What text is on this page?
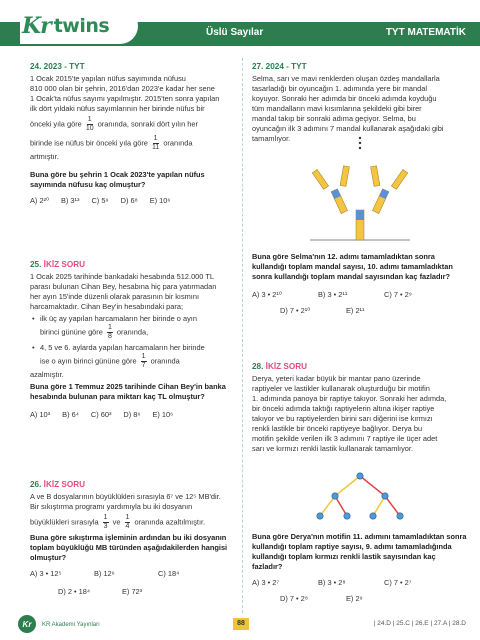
Kr twins	Üslü Sayılar	TYT MATEMATİK
24. 2023 - TYT

1 Ocak 2015'te yapılan nüfus sayımında nüfusu

810 000 olan bir şehrin, 2016'dan 2023'e kadar her sene

1 Ocak'ta nüfus sayımı yapılmıştır. 2015'ten sonra yapılan

ilk dört yıldaki nüfus sayımlarının her birinde nüfus bir

önceki yıla göre $\frac{1}{10}$ oranında, sonraki dört yılın her

birinde ise nüfus bir önceki yıla göre $\frac{1}{11}$ oranında

artmıştır.

Buna göre bu şehrin 1 Ocak 2023'te yapılan nüfus sayımında nüfusu kaç olmuştur?

A) 2²⁰ B) 3¹³ C) 5⁹ D) 6⁸ E) 10⁶
25. İKİZ SORU

1 Ocak 2025 tarihinde bankadaki hesabında 512.000 TL

parası bulunan Cihan Bey, hesabına hiç para yatırmadan

her ayın 15'inde düzenli olarak parasının bir kısmını

harcamaktadır. Cihan Bey'in hesabındaki para;

• ilk üç ay yapılan harcamaların her birinde o ayın

birinci gününe göre $\frac{1}{8}$ oranında,

• 4, 5 ve 6. aylarda yapılan harcamaların her birinde

ise o ayın birinci gününe göre $\frac{1}{7}$ oranında

azalmıştır.

Buna göre 1 Temmuz 2025 tarihinde Cihan Bey'in banka hesabında bulunan para miktarı kaç TL olmuştur?

A) 10³ B) 6⁴ C) 60³ D) 8⁶ E) 10⁶
26. İKİZ SORU

A ve B dosyalarının büyüklükleri sırasıyla 6⁷ ve 12⁵ MB'dir.

Bir sıkıştırma programı yardımıyla bu iki dosyanın

büyüklükleri sırasıyla $\frac{1}{3}$ ve $\frac{1}{4}$ oranında azaltılmıştır.

Buna göre sıkıştırma işleminin ardından bu iki dosyanın toplam büyüklüğü MB türünden aşağıdakilerden hangisi olmuştur?

A) 3 • 12⁵	B) 12⁶	C) 18⁴
D) 2 • 18⁴	E) 72³
27. 2024 - TYT

Selma, sarı ve mavi renklerden oluşan özdeş mandallarla

tasarladığı bir oyuncağın 1. adımında yere bir mandal

koyuyor. Sonraki her adımda bir önceki adımda koyduğu

tüm mandalların mavi kısımlarına şekildeki gibi birer

mandal takıp bir sonraki adıma geçiyor. Selma, bu

oyuncağın ilk 3 adımını 7 mandal kullanarak aşağıdaki gibi

tamamlıyor.

Buna göre Selma'nın 12. adımı tamamladıktan sonra kullandığı toplam mandal sayısı, 10. adımı tamamladıktan sonra kullandığı toplam mandal sayısından kaç fazladır?

A) 3 • 2¹⁰	B) 3 • 2¹¹	C) 7 • 2⁹
D) 7 • 2¹⁰	E) 2¹¹
28. İKİZ SORU

Derya, yeteri kadar büyük bir mantar pano üzerinde

raptiyeler ve lastikler kullanarak oluşturduğu bir motifin

1. adımında panoya bir raptiye takıyor. Sonraki her adımda,

bir önceki adımda taktığı raptiyelerin altına ikişer raptiye

takıyor ve bu raptiyelerden birini sarı diğerini ise kırmızı

renkli lastikle bir önceki raptiyeye bağlıyor. Derya bu

motifin şekilde verilen ilk 3 adımını 7 raptiye ile üçer adet

sarı ve kırmızı renkli lastik kullanarak tamamlıyor.

Buna göre Derya'nın motifin 11. adımını tamamladıktan sonra kullandığı toplam raptiye sayısı, 9. adımı tamamladığında kullandığı toplam kırmızı renkli lastik sayısından kaç fazladır?

A) 3 • 2⁷	B) 3 • 2⁸	C) 7 • 2⁷
D) 7 • 2⁸	E) 2⁹
Kr	KR Akademi Yayınları	88	| 24.D | 25.C | 26.E | 27.A | 28.D
